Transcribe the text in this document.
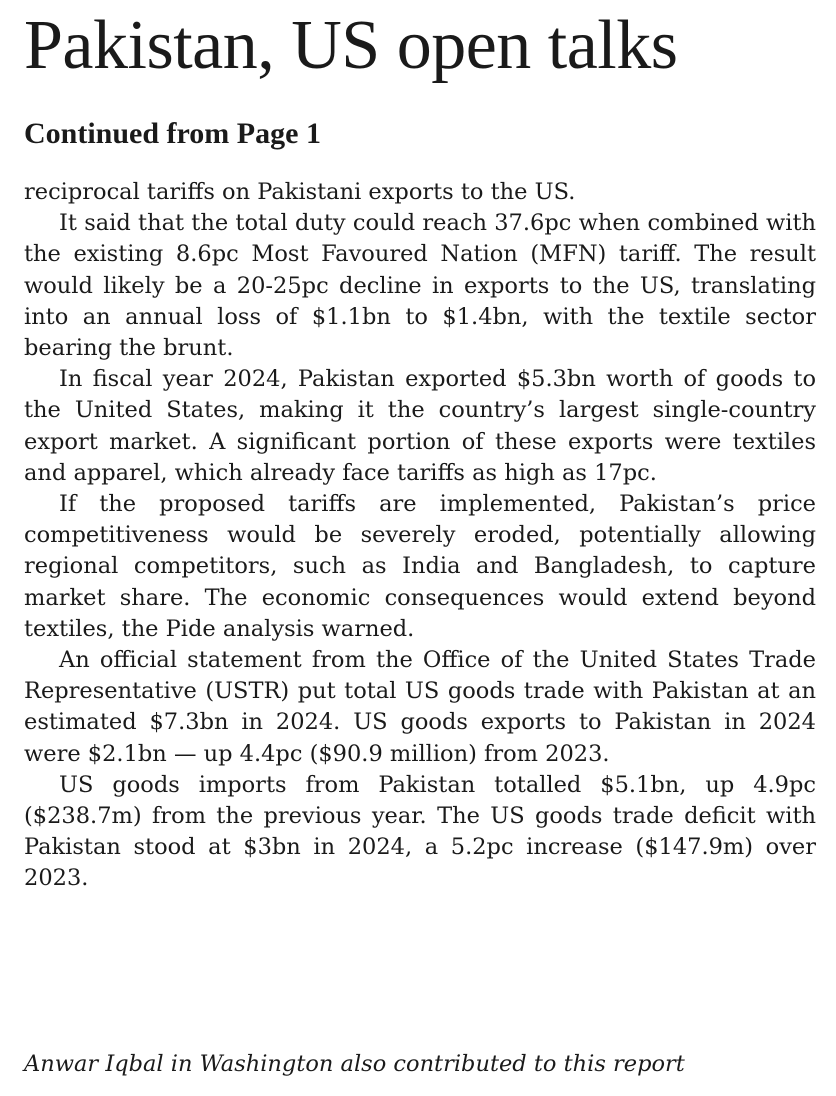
Pakistan, US open talks
Continued from Page 1

reciprocal tariffs on Pakistani exports to the US.

It said that the total duty could reach 37.6pc when combined with the existing 8.6pc Most Favoured Nation (MFN) tariff. The result would likely be a 20-25pc decline in exports to the US, translating into an annual loss of $1.1bn to $1.4bn, with the textile sector bearing the brunt.

In fiscal year 2024, Pakistan exported $5.3bn worth of goods to the United States, making it the country’s largest single-country export market. A significant portion of these exports were textiles and apparel, which already face tariffs as high as 17pc.

If the proposed tariffs are implemented, Pakistan’s price competitiveness would be severely eroded, potentially allowing regional competitors, such as India and Bangladesh, to capture market share. The economic consequences would extend beyond textiles, the Pide analysis warned.

An official statement from the Office of the United States Trade Representative (USTR) put total US goods trade with Pakistan at an estimated $7.3bn in 2024. US goods exports to Pakistan in 2024 were $2.1bn — up 4.4pc ($90.9 million) from 2023.

US goods imports from Pakistan totalled $5.1bn, up 4.9pc ($238.7m) from the previous year. The US goods trade deficit with Pakistan stood at $3bn in 2024, a 5.2pc increase ($147.9m) over 2023.

Anwar Iqbal in Washington also contributed to this report
